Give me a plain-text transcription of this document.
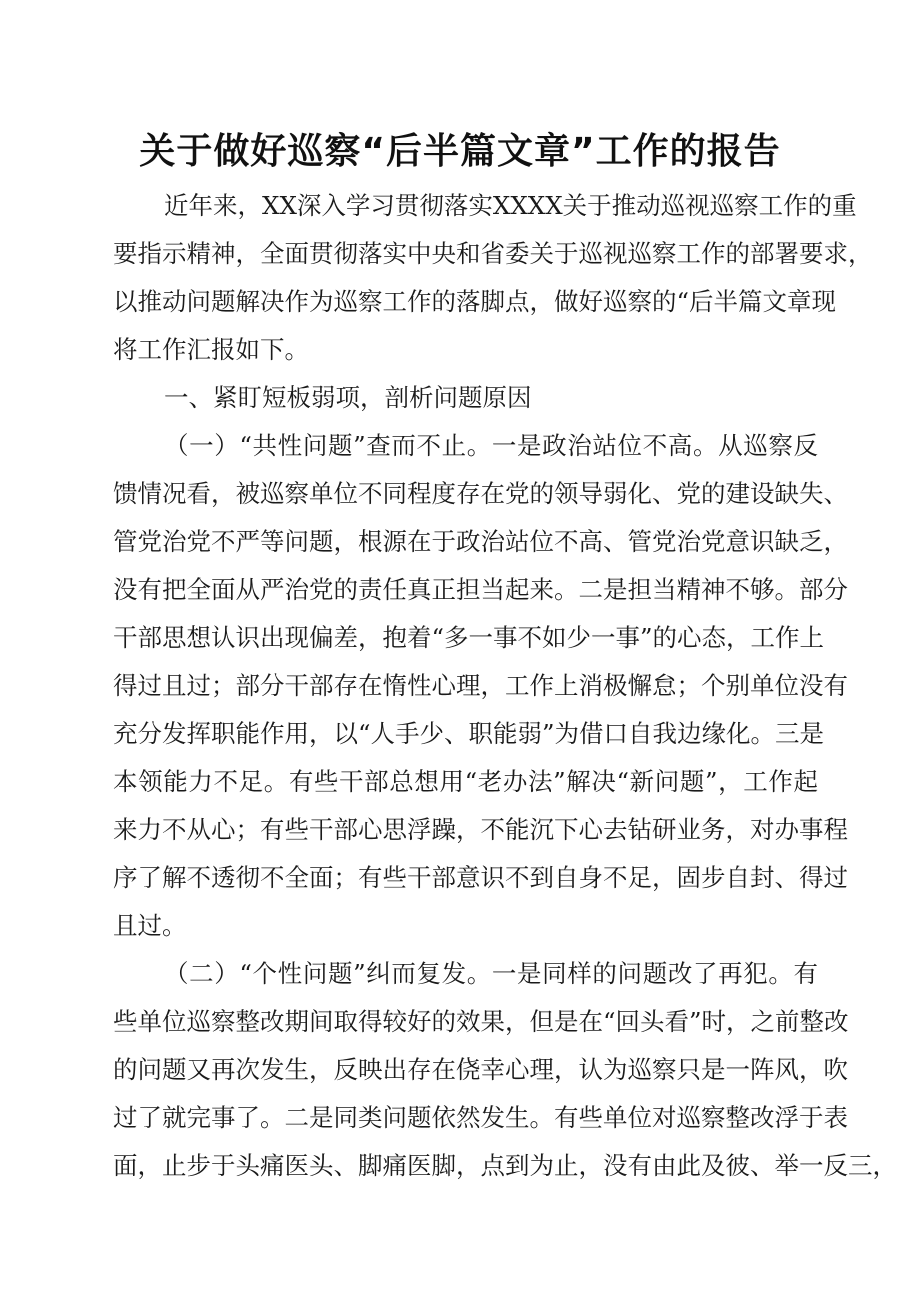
关于做好巡察“后半篇文章”工作的报告

近年来，XX深入学习贯彻落实XXXX关于推动巡视巡察工作的重

要指示精神，全面贯彻落实中央和省委关于巡视巡察工作的部署要求，

以推动问题解决作为巡察工作的落脚点，做好巡察的“后半篇文章现

将工作汇报如下。

一、紧盯短板弱项，剖析问题原因

（一）“共性问题”查而不止。一是政治站位不高。从巡察反

馈情况看，被巡察单位不同程度存在党的领导弱化、党的建设缺失、

管党治党不严等问题，根源在于政治站位不高、管党治党意识缺乏，

没有把全面从严治党的责任真正担当起来。二是担当精神不够。部分

干部思想认识出现偏差，抱着“多一事不如少一事”的心态，工作上

得过且过；部分干部存在惰性心理，工作上消极懈怠；个别单位没有

充分发挥职能作用，以“人手少、职能弱”为借口自我边缘化。三是

本领能力不足。有些干部总想用“老办法”解决“新问题”，工作起

来力不从心；有些干部心思浮躁，不能沉下心去钻研业务，对办事程

序了解不透彻不全面；有些干部意识不到自身不足，固步自封、得过

且过。

（二）“个性问题”纠而复发。一是同样的问题改了再犯。有

些单位巡察整改期间取得较好的效果，但是在“回头看”时，之前整改

的问题又再次发生，反映出存在侥幸心理，认为巡察只是一阵风，吹

过了就完事了。二是同类问题依然发生。有些单位对巡察整改浮于表

面，止步于头痛医头、脚痛医脚，点到为止，没有由此及彼、举一反三，
